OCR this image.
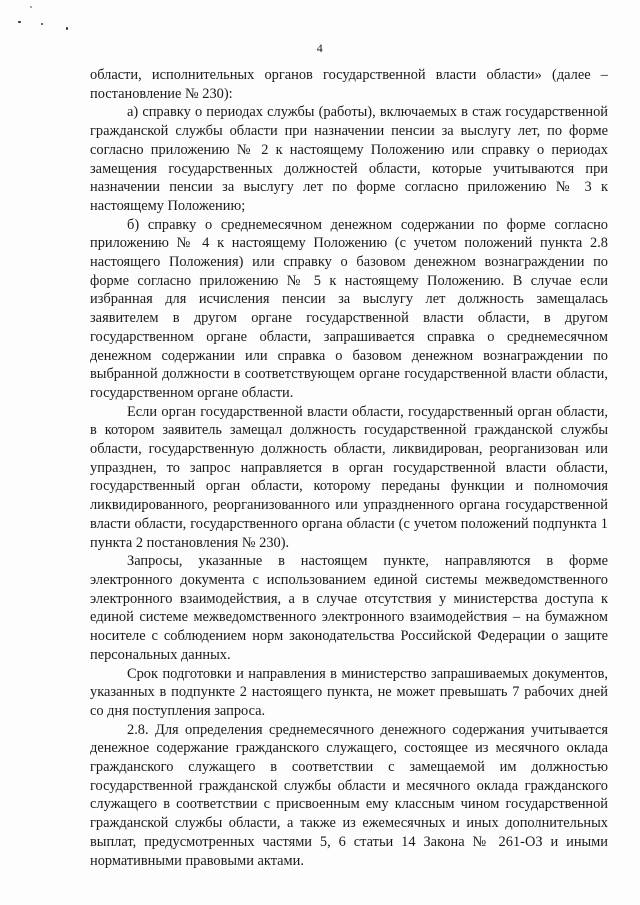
4

области, исполнительных органов государственной власти области» (далее – постановление № 230):

а) справку о периодах службы (работы), включаемых в стаж государственной гражданской службы области при назначении пенсии за выслугу лет, по форме согласно приложению № 2 к настоящему Положению или справку о периодах замещения государственных должностей области, которые учитываются при назначении пенсии за выслугу лет по форме согласно приложению № 3 к настоящему Положению;

б) справку о среднемесячном денежном содержании по форме согласно приложению № 4 к настоящему Положению (с учетом положений пункта 2.8 настоящего Положения) или справку о базовом денежном вознаграждении по форме согласно приложению № 5 к настоящему Положению. В случае если избранная для исчисления пенсии за выслугу лет должность замещалась заявителем в другом органе государственной власти области, в другом государственном органе области, запрашивается справка о среднемесячном денежном содержании или справка о базовом денежном вознаграждении по выбранной должности в соответствующем органе государственной власти области, государственном органе области.

Если орган государственной власти области, государственный орган области, в котором заявитель замещал должность государственной гражданской службы области, государственную должность области, ликвидирован, реорганизован или упразднен, то запрос направляется в орган государственной власти области, государственный орган области, которому переданы функции и полномочия ликвидированного, реорганизованного или упраздненного органа государственной власти области, государственного органа области (с учетом положений подпункта 1 пункта 2 постановления № 230).

Запросы, указанные в настоящем пункте, направляются в форме электронного документа с использованием единой системы межведомственного электронного взаимодействия, а в случае отсутствия у министерства доступа к единой системе межведомственного электронного взаимодействия – на бумажном носителе с соблюдением норм законодательства Российской Федерации о защите персональных данных.

Срок подготовки и направления в министерство запрашиваемых документов, указанных в подпункте 2 настоящего пункта, не может превышать 7 рабочих дней со дня поступления запроса.

2.8. Для определения среднемесячного денежного содержания учитывается денежное содержание гражданского служащего, состоящее из месячного оклада гражданского служащего в соответствии с замещаемой им должностью государственной гражданской службы области и месячного оклада гражданского служащего в соответствии с присвоенным ему классным чином государственной гражданской службы области, а также из ежемесячных и иных дополнительных выплат, предусмотренных частями 5, 6 статьи 14 Закона № 261-ОЗ и иными нормативными правовыми актами.
